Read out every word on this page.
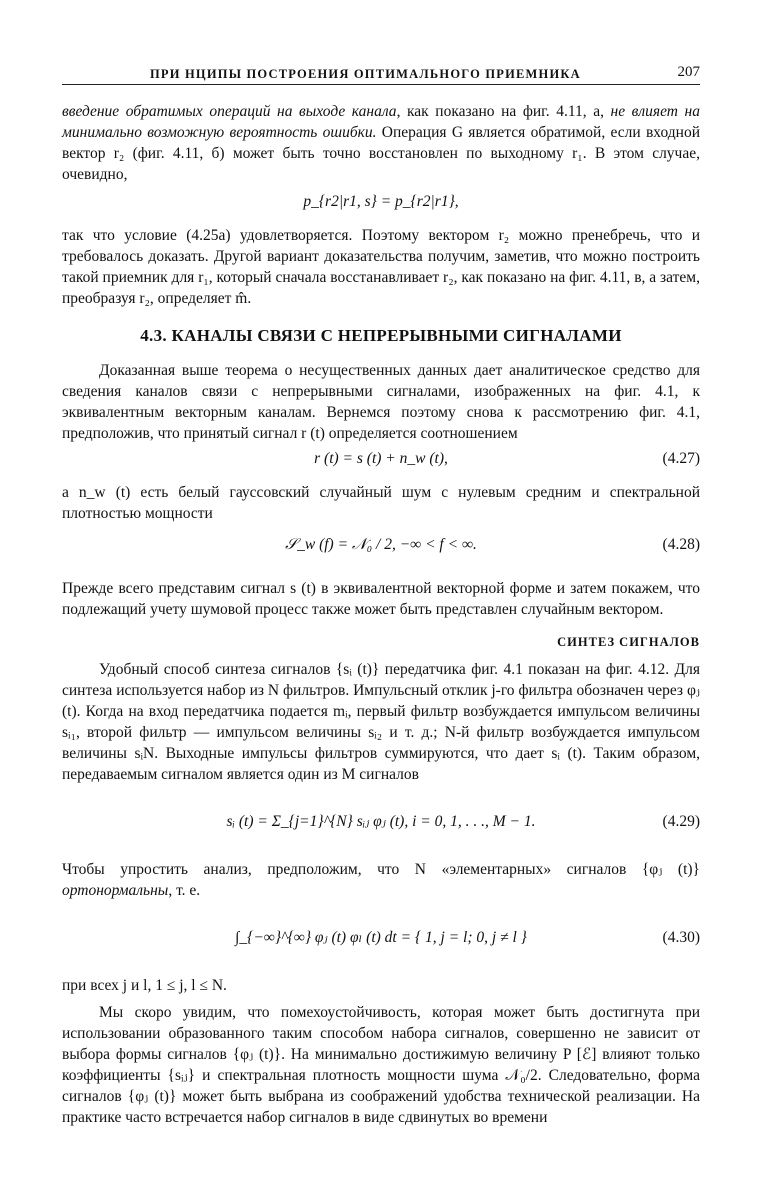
ПРИ НЦИПЫ ПОСТРОЕНИЯ ОПТИМАЛЬНОГО ПРИЕМНИКА	207

введение обратимых операций на выходе канала, как показано на фиг. 4.11, а, не влияет на минимально возможную вероятность ошибки. Операция G является обратимой, если входной вектор r₂ (фиг. 4.11, б) может быть точно восстановлен по выходному r₁. В этом случае, очевидно,

p_{r2|r1, s} = p_{r2|r1},

так что условие (4.25а) удовлетворяется. Поэтому вектором r₂ можно пренебречь, что и требовалось доказать. Другой вариант доказательства получим, заметив, что можно построить такой приемник для r₁, который сначала восстанавливает r₂, как показано на фиг. 4.11, в, а затем, преобразуя r₂, определяет m̂.

4.3. КАНАЛЫ СВЯЗИ С НЕПРЕРЫВНЫМИ СИГНАЛАМИ

Доказанная выше теорема о несущественных данных дает аналитическое средство для сведения каналов связи с непрерывными сигналами, изображенных на фиг. 4.1, к эквивалентным векторным каналам. Вернемся поэтому снова к рассмотрению фиг. 4.1, предположив, что принятый сигнал r (t) определяется соотношением

r (t) = s (t) + n_w (t),	(4.27)

а n_w (t) есть белый гауссовский случайный шум с нулевым средним и спектральной плотностью мощности

𝒮_w (f) = 𝒩₀ / 2, −∞ < f < ∞.	(4.28)

Прежде всего представим сигнал s (t) в эквивалентной векторной форме и затем покажем, что подлежащий учету шумовой процесс также может быть представлен случайным вектором.

СИНТЕЗ СИГНАЛОВ

Удобный способ синтеза сигналов {sᵢ (t)} передатчика фиг. 4.1 показан на фиг. 4.12. Для синтеза используется набор из N фильтров. Импульсный отклик j-го фильтра обозначен через φⱼ (t). Когда на вход передатчика подается mᵢ, первый фильтр возбуждается импульсом величины sᵢ₁, второй фильтр — импульсом величины sᵢ₂ и т. д.; N-й фильтр возбуждается импульсом величины sᵢN. Выходные импульсы фильтров суммируются, что дает sᵢ (t). Таким образом, передаваемым сигналом является один из M сигналов

sᵢ (t) = Σ_{j=1}^{N} sᵢⱼ φⱼ (t), i = 0, 1, . . ., M − 1.	(4.29)

Чтобы упростить анализ, предположим, что N «элементарных» сигналов {φⱼ (t)} ортонормальны, т. е.

∫_{−∞}^{∞} φⱼ (t) φₗ (t) dt = { 1, j = l; 0, j ≠ l }	(4.30)

при всех j и l, 1 ≤ j, l ≤ N.

Мы скоро увидим, что помехоустойчивость, которая может быть достигнута при использовании образованного таким способом набора сигналов, совершенно не зависит от выбора формы сигналов {φⱼ (t)}. На минимально достижимую величину P [ℰ] влияют только коэффициенты {sᵢⱼ} и спектральная плотность мощности шума 𝒩₀/2. Следовательно, форма сигналов {φⱼ (t)} может быть выбрана из соображений удобства технической реализации. На практике часто встречается набор сигналов в виде сдвинутых во времени
